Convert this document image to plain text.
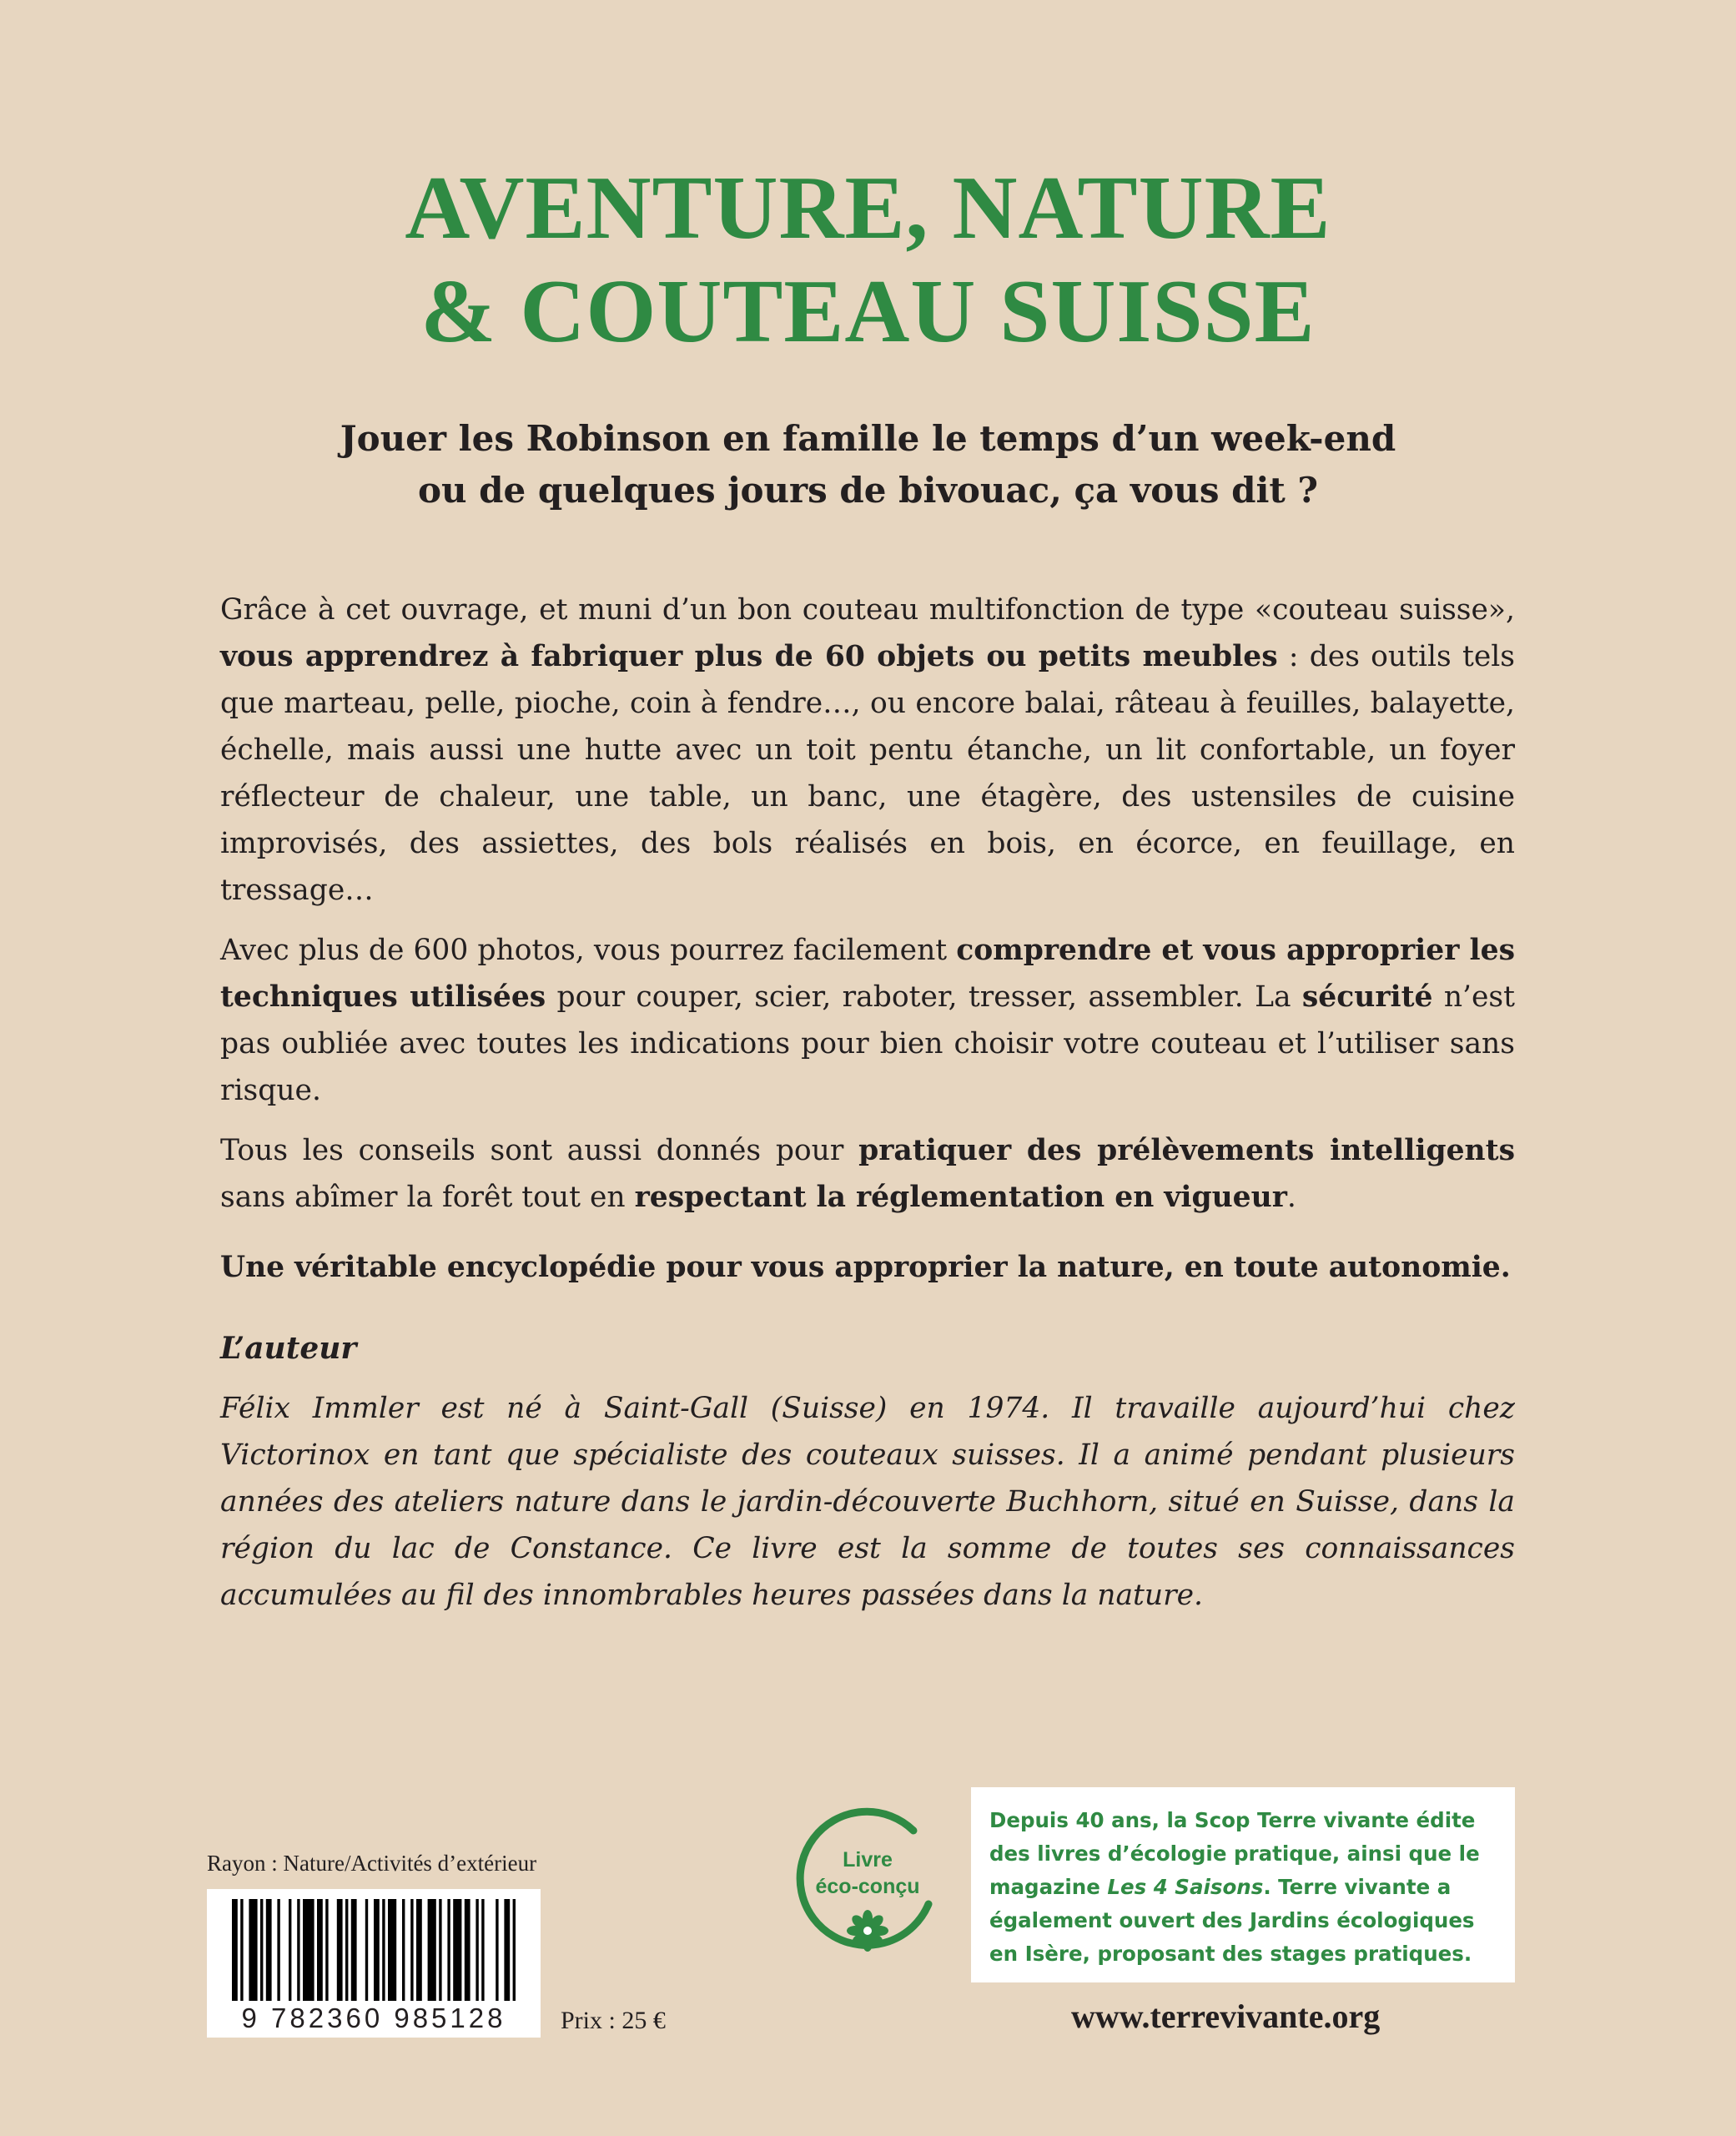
AVENTURE, NATURE
& COUTEAU SUISSE
Jouer les Robinson en famille le temps d’un week-end
ou de quelques jours de bivouac, ça vous dit ?

Grâce à cet ouvrage, et muni d’un bon couteau multifonction de type «couteau suisse», vous apprendrez à fabriquer plus de 60 objets ou petits meubles : des outils tels que marteau, pelle, pioche, coin à fendre…, ou encore balai, râteau à feuilles, balayette, échelle, mais aussi une hutte avec un toit pentu étanche, un lit confortable, un foyer réflecteur de chaleur, une table, un banc, une étagère, des ustensiles de cuisine improvisés, des assiettes, des bols réalisés en bois, en écorce, en feuillage, en tressage…

Avec plus de 600 photos, vous pourrez facilement comprendre et vous approprier les techniques utilisées pour couper, scier, raboter, tresser, assembler. La sécurité n’est pas oubliée avec toutes les indications pour bien choisir votre couteau et l’utiliser sans risque.

Tous les conseils sont aussi donnés pour pratiquer des prélèvements intelligents sans abîmer la forêt tout en respectant la réglementation en vigueur.

Une véritable encyclopédie pour vous approprier la nature, en toute autonomie.

L’auteur
Félix Immler est né à Saint-Gall (Suisse) en 1974. Il travaille aujourd’hui chez Victorinox en tant que spécialiste des couteaux suisses. Il a animé pendant plusieurs années des ateliers nature dans le jardin-découverte Buchhorn, situé en Suisse, dans la région du lac de Constance. Ce livre est la somme de toutes ses connaissances accumulées au fil des innombrables heures passées dans la nature.
Rayon : Nature/Activités d’extérieur
9 782360 985128	Prix : 25 €
Livre
éco-conçu
Depuis 40 ans, la Scop Terre vivante édite des livres d’écologie pratique, ainsi que le magazine Les 4 Saisons. Terre vivante a également ouvert des Jardins écologiques en Isère, proposant des stages pratiques.
www.terrevivante.org
